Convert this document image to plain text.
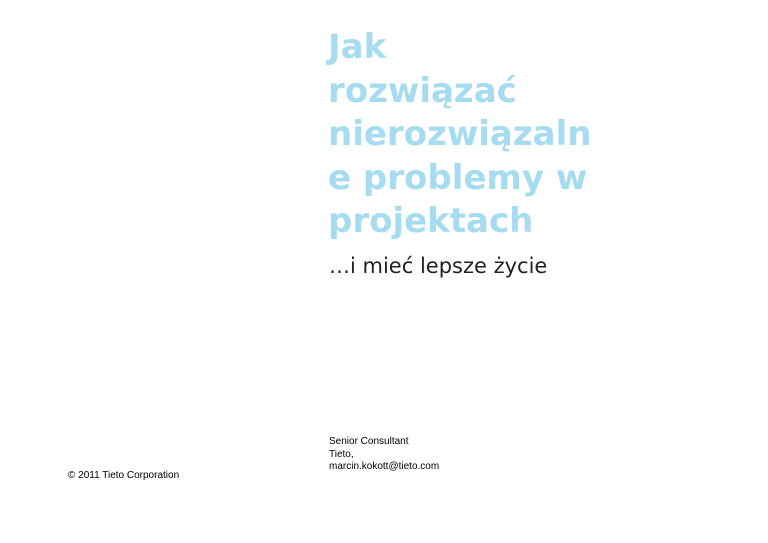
Jak
rozwiązać
nierozwiązaln
e problemy w
projektach

…i mieć lepsze życie

Senior Consultant
Tieto,
marcin.kokott@tieto.com
© 2011 Tieto Corporation
